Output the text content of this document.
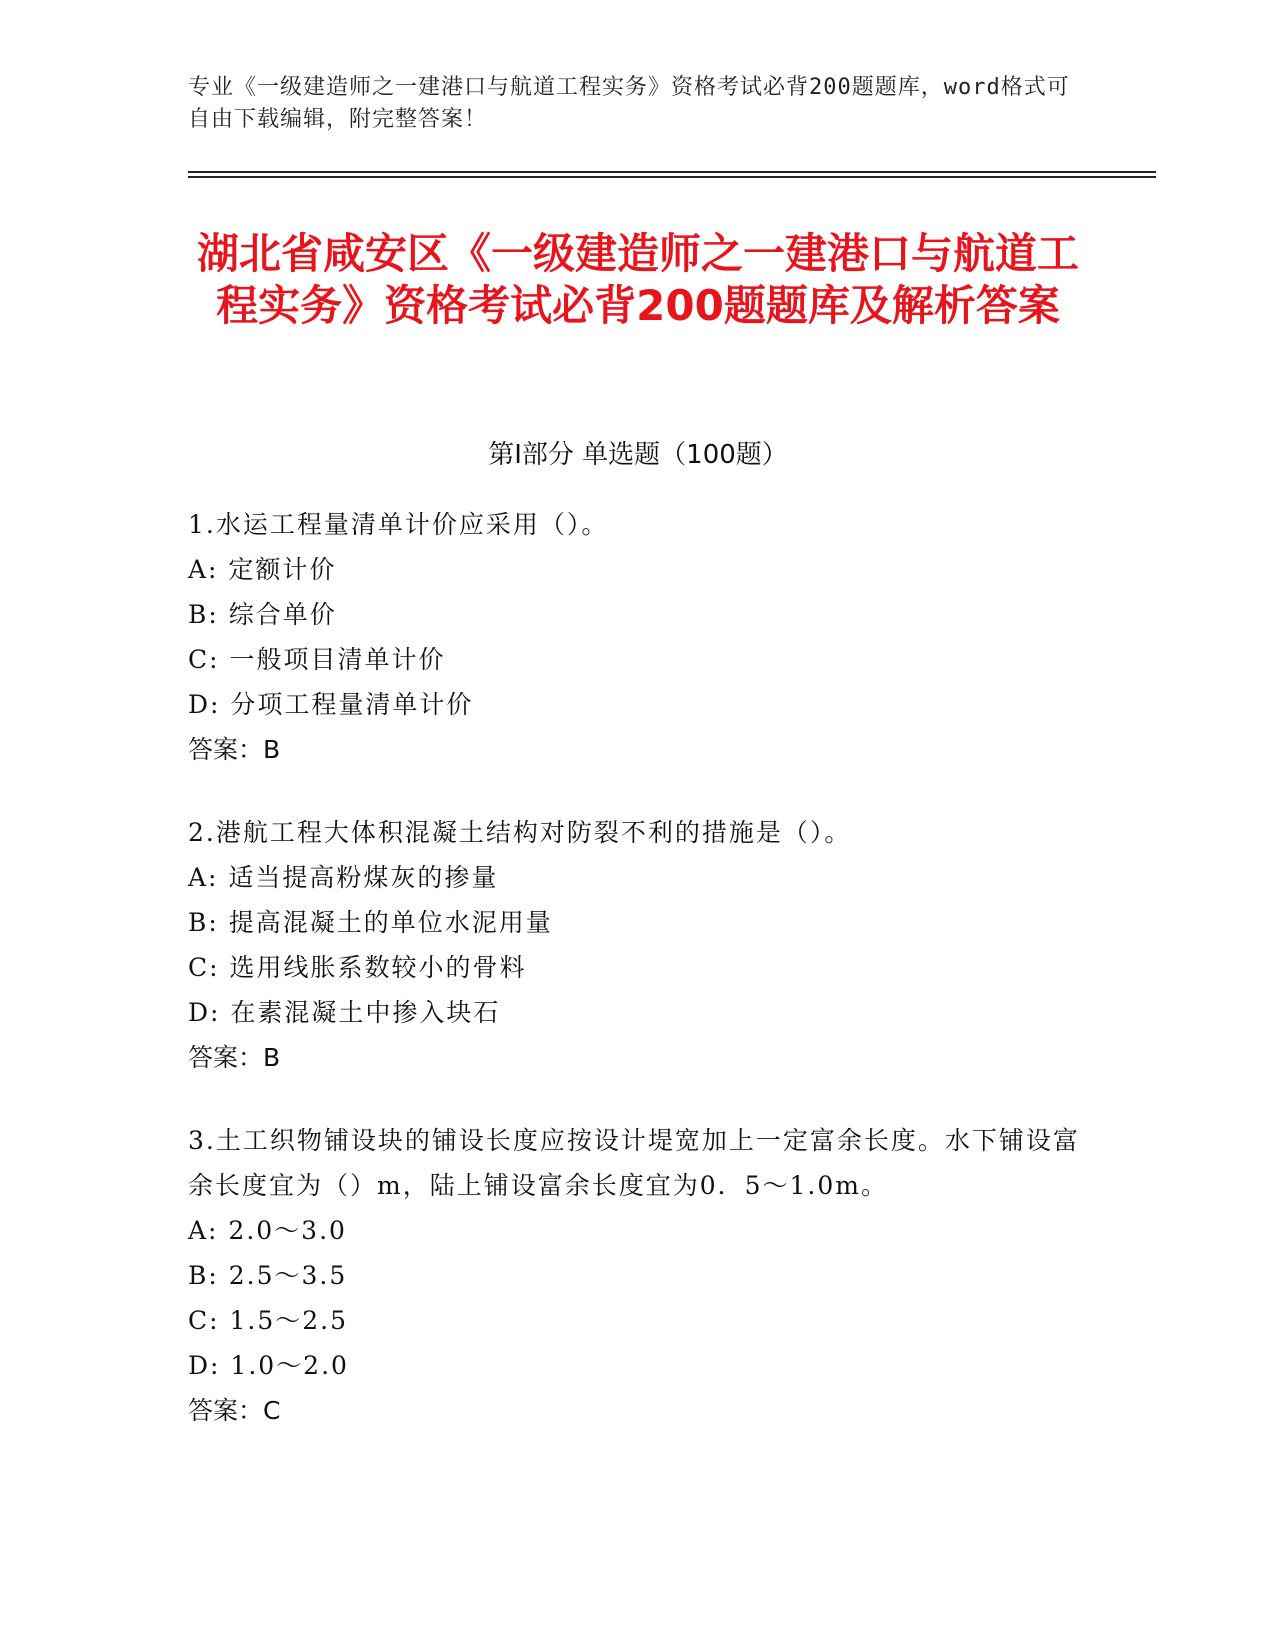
专业《一级建造师之一建港口与航道工程实务》资格考试必背200题题库，word格式可自由下载编辑，附完整答案！
湖北省咸安区《一级建造师之一建港口与航道工程实务》资格考试必背200题题库及解析答案
第Ⅰ部分 单选题（100题）
1.水运工程量清单计价应采用（）。
A: 定额计价
B: 综合单价
C: 一般项目清单计价
D: 分项工程量清单计价
答案：B
2.港航工程大体积混凝土结构对防裂不利的措施是（）。
A: 适当提高粉煤灰的掺量
B: 提高混凝土的单位水泥用量
C: 选用线胀系数较小的骨料
D: 在素混凝土中掺入块石
答案：B
3.土工织物铺设块的铺设长度应按设计堤宽加上一定富余长度。水下铺设富余长度宜为（）m，陆上铺设富余长度宜为0．5～1.0m。
A: 2.0～3.0
B: 2.5～3.5
C: 1.5～2.5
D: 1.0～2.0
答案：C
